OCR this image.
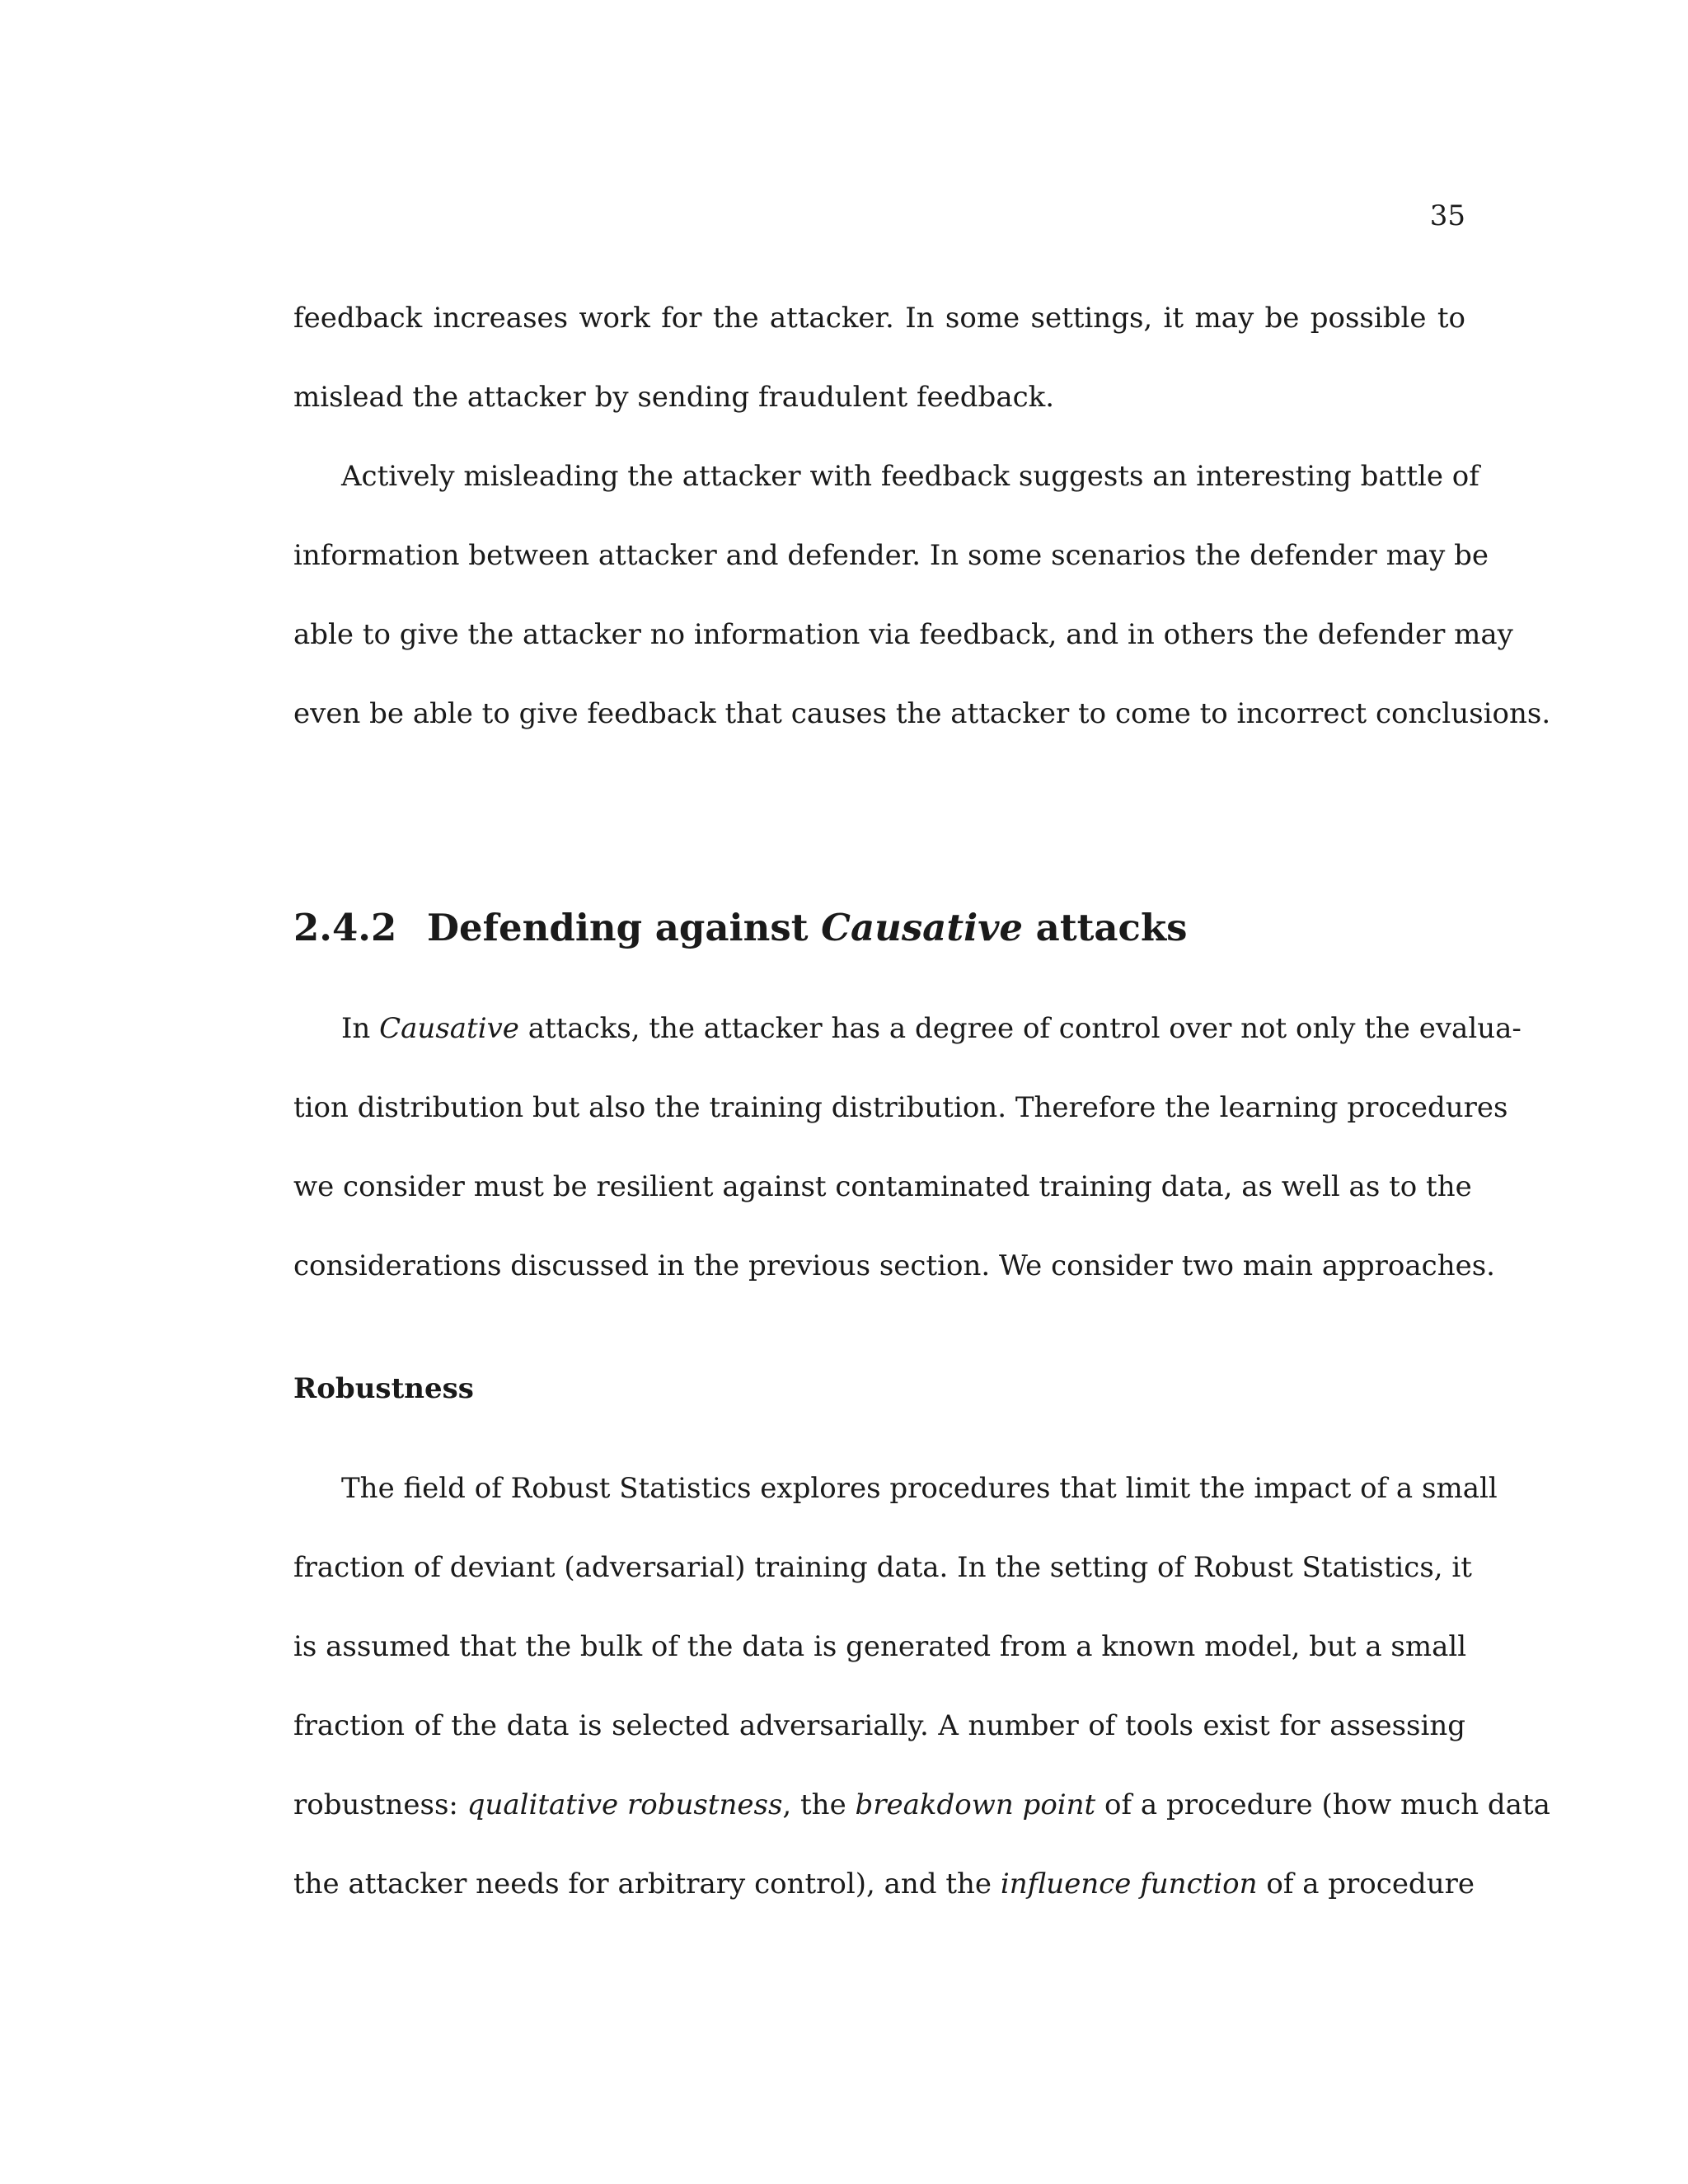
35
feedback increases work for the attacker. In some settings, it may be possible to
mislead the attacker by sending fraudulent feedback.
Actively misleading the attacker with feedback suggests an interesting battle of
information between attacker and defender. In some scenarios the defender may be
able to give the attacker no information via feedback, and in others the defender may
even be able to give feedback that causes the attacker to come to incorrect conclusions.
2.4.2 Defending against Causative attacks
In Causative attacks, the attacker has a degree of control over not only the evalua-
tion distribution but also the training distribution. Therefore the learning procedures
we consider must be resilient against contaminated training data, as well as to the
considerations discussed in the previous section. We consider two main approaches.
Robustness
The field of Robust Statistics explores procedures that limit the impact of a small
fraction of deviant (adversarial) training data. In the setting of Robust Statistics, it
is assumed that the bulk of the data is generated from a known model, but a small
fraction of the data is selected adversarially. A number of tools exist for assessing
robustness: qualitative robustness, the breakdown point of a procedure (how much data
the attacker needs for arbitrary control), and the influence function of a procedure
